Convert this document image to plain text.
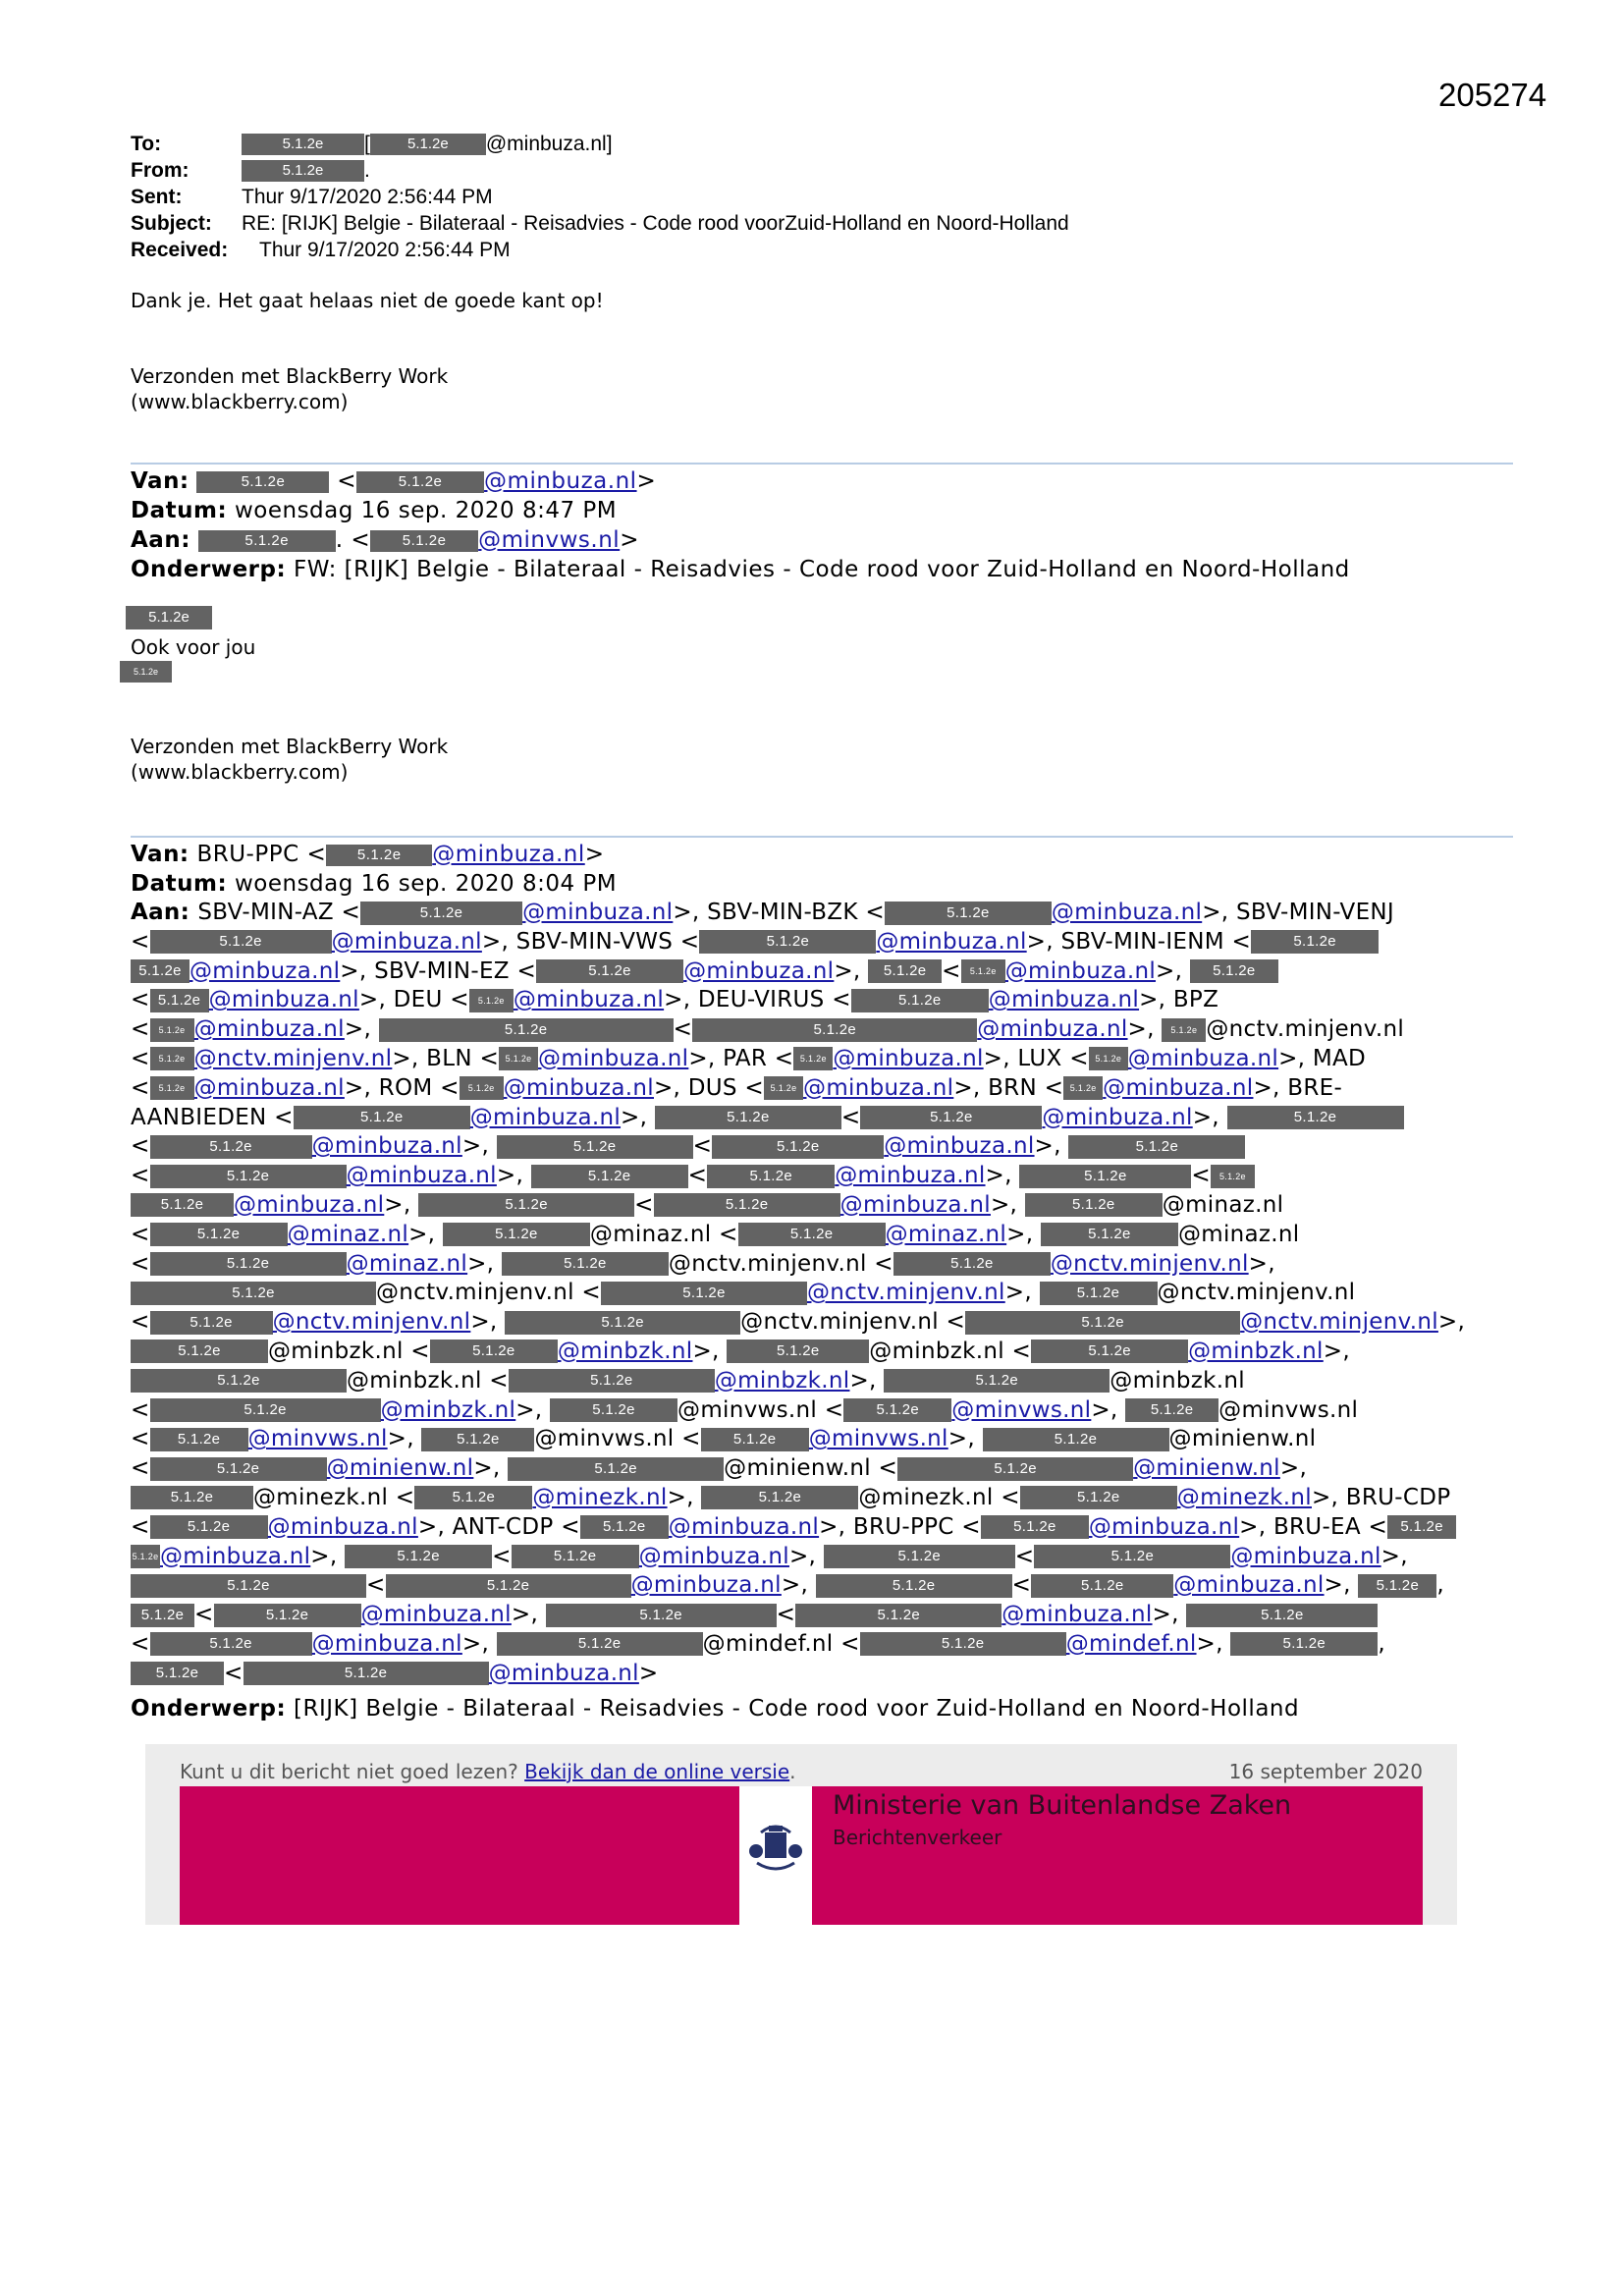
205274
To:	5.1.2e [	5.1.2e @minbuza.nl]
From:	5.1.2e .
Sent:	Thur 9/17/2020 2:56:44 PM
Subject: RE: [RIJK] Belgie - Bilateraal - Reisadvies - Code rood voorZuid-Holland en Noord-Holland
Received: Thur 9/17/2020 2:56:44 PM
Dank je. Het gaat helaas niet de goede kant op!
Verzonden met BlackBerry Work
(www.blackberry.com)
Van:	5.1.2e <	5.1.2e @minbuza.nl>
Datum: woensdag 16 sep. 2020 8:47 PM
Aan:	5.1.2e . < 5.1.2e @minvws.nl>
Onderwerp: FW: [RIJK] Belgie - Bilateraal - Reisadvies - Code rood voor Zuid-Holland en Noord-Holland
5.1.2e
Ook voor jou
5.1.2e
Verzonden met BlackBerry Work
(www.blackberry.com)
Van: BRU-PPC < 5.1.2e @minbuza.nl>
Datum: woensdag 16 sep. 2020 8:04 PM
Aan: SBV-MIN-AZ <	5.1.2e	@minbuza.nl>, SBV-MIN-BZK <	5.1.2e	@minbuza.nl>, SBV-MIN-VENJ
<	5.1.2e	@minbuza.nl>, SBV-MIN-VWS <	5.1.2e	@minbuza.nl>, SBV-MIN-IENM <	5.1.2e
5.1.2e @minbuza.nl>, SBV-MIN-EZ <	5.1.2e @minbuza.nl>, 5.1.2e < 5.1.2e @minbuza.nl>, 5.1.2e
< 5.1.2e @minbuza.nl>, DEU < 5.1.2e @minbuza.nl>, DEU-VIRUS <	5.1.2e @minbuza.nl>, BPZ
< 5.1.2e @minbuza.nl>,	5.1.2e	<	5.1.2e	@minbuza.nl>, 5.1.2e @nctv.minjenv.nl
< 5.1.2e @nctv.minjenv.nl>, BLN < 5.1.2e @minbuza.nl>, PAR < 5.1.2e @minbuza.nl>, LUX < 5.1.2e @minbuza.nl>, MAD
< 5.1.2e @minbuza.nl>, ROM < 5.1.2e @minbuza.nl>, DUS < 5.1.2e @minbuza.nl>, BRN < 5.1.2e @minbuza.nl>, BRE-
AANBIEDEN <	5.1.2e	@minbuza.nl>,	5.1.2e	<	5.1.2e	@minbuza.nl>,	5.1.2e
<	5.1.2e	@minbuza.nl>,	5.1.2e	<	5.1.2e	@minbuza.nl>,	5.1.2e
<	5.1.2e	@minbuza.nl>,	5.1.2e	<	5.1.2e @minbuza.nl>,	5.1.2e	< 5.1.2e
5.1.2e @minbuza.nl>,	5.1.2e	<	5.1.2e	@minbuza.nl>,	5.1.2e @minaz.nl
<	5.1.2e @minaz.nl>,	5.1.2e @minaz.nl <	5.1.2e @minaz.nl>,	5.1.2e @minaz.nl
<	5.1.2e	@minaz.nl>,	5.1.2e	@nctv.minjenv.nl <	5.1.2e	@nctv.minjenv.nl>,
5.1.2e	@nctv.minjenv.nl <	5.1.2e	@nctv.minjenv.nl>,	5.1.2e @nctv.minjenv.nl
<	5.1.2e @nctv.minjenv.nl>,	5.1.2e	@nctv.minjenv.nl <	5.1.2e	@nctv.minjenv.nl>,
5.1.2e @minbzk.nl <	5.1.2e @minbzk.nl>,	5.1.2e @minbzk.nl <	5.1.2e	@minbzk.nl>,
5.1.2e	@minbzk.nl <	5.1.2e	@minbzk.nl>,	5.1.2e	@minbzk.nl
<	5.1.2e	@minbzk.nl>,	5.1.2e @minvws.nl < 5.1.2e @minvws.nl>, 5.1.2e @minvws.nl
< 5.1.2e @minvws.nl>, 5.1.2e @minvws.nl < 5.1.2e @minvws.nl>,	5.1.2e	@minienw.nl
<	5.1.2e	@minienw.nl>,	5.1.2e	@minienw.nl <	5.1.2e	@minienw.nl>,
5.1.2e @minezk.nl <	5.1.2e @minezk.nl>,	5.1.2e	@minezk.nl <	5.1.2e	@minezk.nl>, BRU-CDP
<	5.1.2e @minbuza.nl>, ANT-CDP < 5.1.2e @minbuza.nl>, BRU-PPC < 5.1.2e @minbuza.nl>, BRU-EA < 5.1.2e
5.1.2e@minbuza.nl>,	5.1.2e <	5.1.2e @minbuza.nl>,	5.1.2e	<	5.1.2e	@minbuza.nl>,
5.1.2e	<	5.1.2e	@minbuza.nl>,	5.1.2e	<	5.1.2e @minbuza.nl>, 5.1.2e ,
5.1.2e <	5.1.2e @minbuza.nl>,	5.1.2e	<	5.1.2e	@minbuza.nl>,	5.1.2e
<	5.1.2e	@minbuza.nl>,	5.1.2e	@mindef.nl <	5.1.2e	@mindef.nl>,	5.1.2e ,
5.1.2e <	5.1.2e	@minbuza.nl>
Onderwerp: [RIJK] Belgie - Bilateraal - Reisadvies - Code rood voor Zuid-Holland en Noord-Holland
Kunt u dit bericht niet goed lezen? Bekijk dan de online versie.	16 september 2020
Ministerie van Buitenlandse Zaken
Berichtenverkeer
